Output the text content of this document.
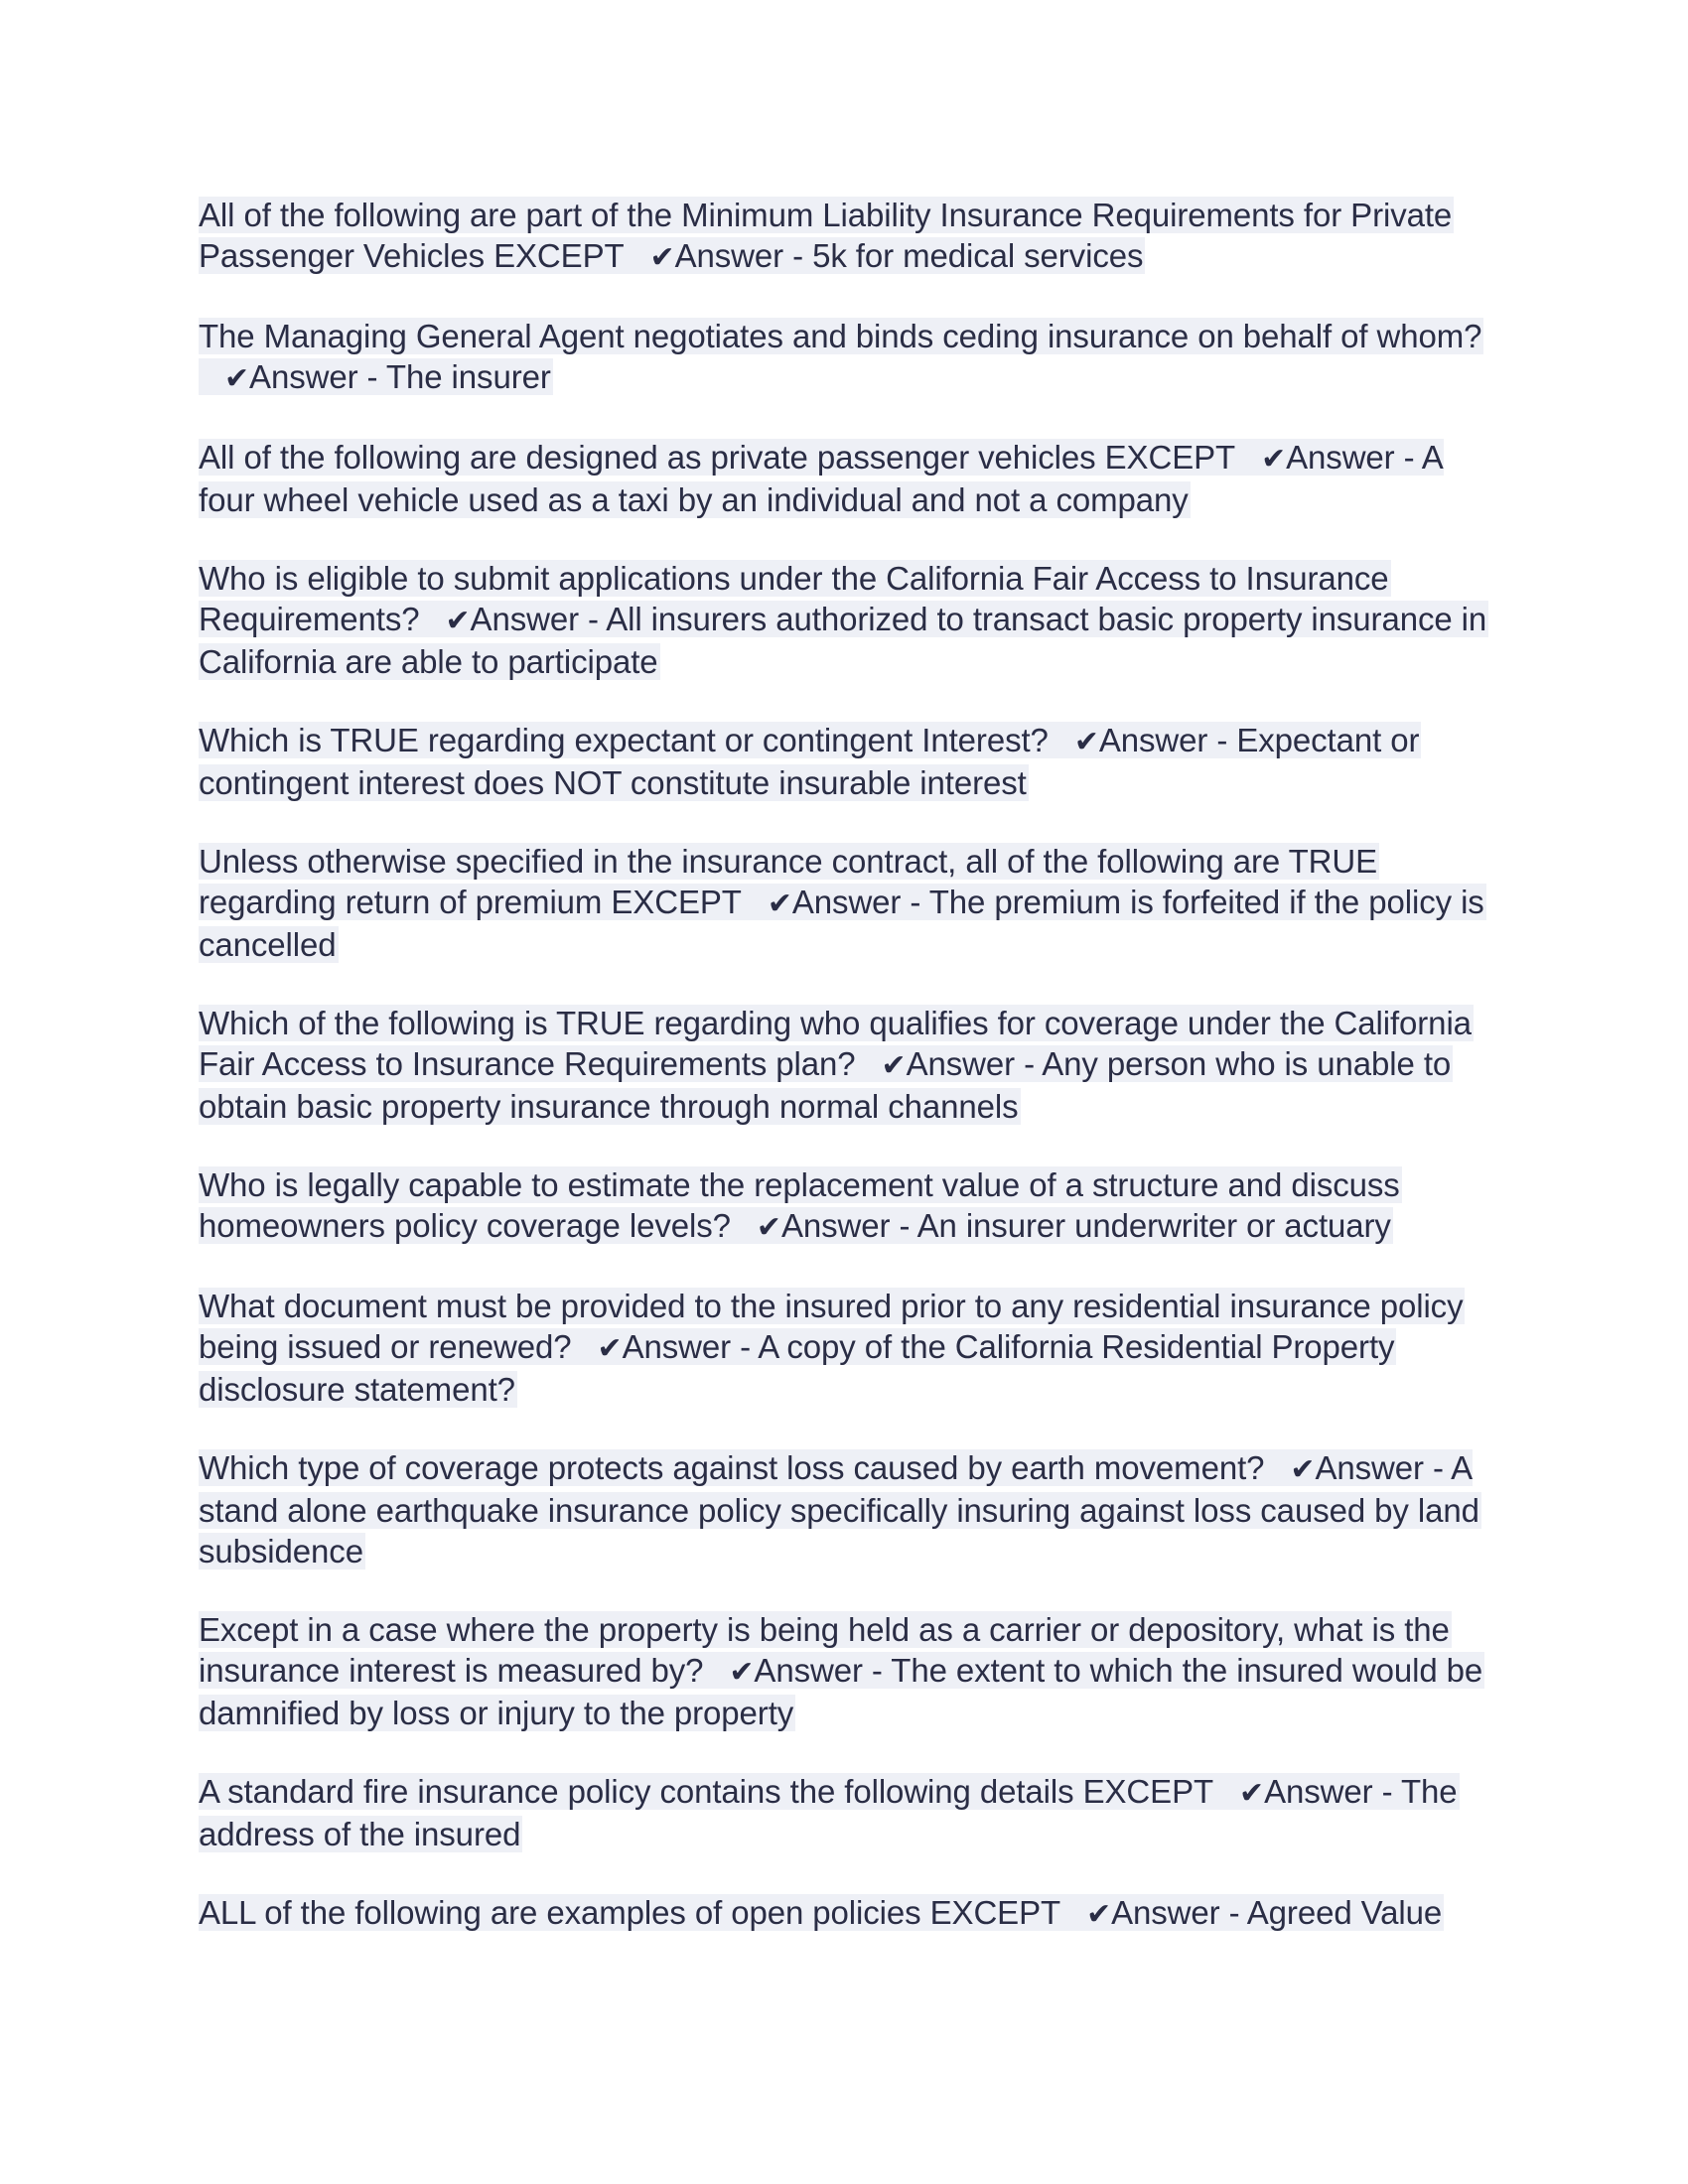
All of the following are part of the Minimum Liability Insurance Requirements for Private Passenger Vehicles EXCEPT ✔Answer - 5k for medical services

The Managing General Agent negotiates and binds ceding insurance on behalf of whom?✔Answer - The insurer

All of the following are designed as private passenger vehicles EXCEPT ✔Answer - A four wheel vehicle used as a taxi by an individual and not a company

Who is eligible to submit applications under the California Fair Access to Insurance Requirements? ✔Answer - All insurers authorized to transact basic property insurance in California are able to participate

Which is TRUE regarding expectant or contingent Interest? ✔Answer - Expectant or contingent interest does NOT constitute insurable interest

Unless otherwise specified in the insurance contract, all of the following are TRUE regarding return of premium EXCEPT ✔Answer - The premium is forfeited if the policy is cancelled

Which of the following is TRUE regarding who qualifies for coverage under the California Fair Access to Insurance Requirements plan? ✔Answer - Any person who is unable to obtain basic property insurance through normal channels

Who is legally capable to estimate the replacement value of a structure and discuss homeowners policy coverage levels? ✔Answer - An insurer underwriter or actuary

What document must be provided to the insured prior to any residential insurance policy being issued or renewed? ✔Answer - A copy of the California Residential Property disclosure statement?

Which type of coverage protects against loss caused by earth movement? ✔Answer - A stand alone earthquake insurance policy specifically insuring against loss caused by land subsidence

Except in a case where the property is being held as a carrier or depository, what is the insurance interest is measured by? ✔Answer - The extent to which the insured would be damnified by loss or injury to the property

A standard fire insurance policy contains the following details EXCEPT ✔Answer - The address of the insured

ALL of the following are examples of open policies EXCEPT ✔Answer - Agreed Value
